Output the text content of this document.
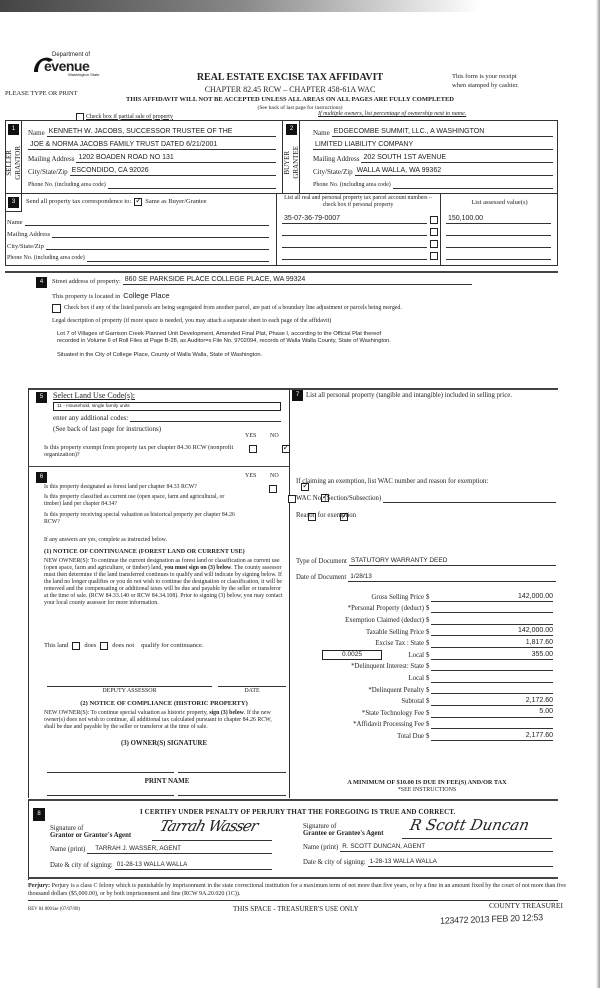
Department of
evenue
Washington State
PLEASE TYPE OR PRINT
REAL ESTATE EXCISE TAX AFFIDAVIT
CHAPTER 82.45 RCW – CHAPTER 458-61A WAC
This form is your receipt
when stamped by cashier.
THIS AFFIDAVIT WILL NOT BE ACCEPTED UNLESS ALL AREAS ON ALL PAGES ARE FULLY COMPLETED
(See back of last page for instructions)
Check box if partial sale of property	If multiple owners, list percentage of ownership next to name.
1
SELLER GRANTOR
Name KENNETH W. JACOBS, SUCCESSOR TRUSTEE OF THE
JOE & NORMA JACOBS FAMILY TRUST DATED 6/21/2001
Mailing Address 1202 BOADEN ROAD NO 131
City/State/Zip ESCONDIDO, CA 92026
Phone No. (including area code)
2
BUYER GRANTEE
Name EDGECOMBE SUMMIT, LLC., A WASHINGTON
LIMITED LIABILITY COMPANY
Mailing Address 202 SOUTH 1ST AVENUE
City/State/Zip WALLA WALLA, WA 99362
Phone No. (including area code)
3	Send all property tax correspondence to: ✓ Same as Buyer/Grantee
Name
Mailing Address
City/State/Zip
Phone No. (including area code)
List all real and personal property tax parcel account numbers – check box if personal property	List assessed value(s)
35-07-36-79-0007	150,100.00
4	Street address of property: 860 SE PARKSIDE PLACE COLLEGE PLACE, WA 99324
This property is located in College Place
Check box if any of the listed parcels are being segregated from another parcel, are part of a boundary line adjustment or parcels being merged.
Legal description of property (if more space is needed, you may attach a separate sheet to each page of the affidavit)
Lot 7 of Villages of Garrison Creek Planned Unit Development, Amended Final Plat, Phase I, according to the Official Plat thereof
recorded in Volume 6 of Roll Files at Page B-28, as Auditor=s File No. 9702094, records of Walla Walla County, State of Washington.
Situated in the City of College Place, County of Walla Walla, State of Washington.
5	Select Land Use Code(s):
11 - Household, single family units
enter any additional codes:
(See back of last page for instructions)
YES NO
Is this property exempt from property tax per chapter 84.36 RCW (nonprofit organization)?
✓
6	YES NO
Is this property designated as forest land per chapter 84.33 RCW?
✓
Is this property classified as current use (open space, farm and agricultural, or timber) land per chapter 84.34?
✓
Is this property receiving special valuation as historical property per chapter 84.26 RCW?
✓
If any answers are yes, complete as instructed below.
(1) NOTICE OF CONTINUANCE (FOREST LAND OR CURRENT USE)
NEW OWNER(S): To continue the current designation as forest land or classification as current use (open space, farm and agriculture, or timber) land, you must sign on (3) below. The county assessor must then determine if the land transferred continues to qualify and will indicate by signing below. If the land no longer qualifies or you do not wish to continue the designation or classification, it will be removed and the compensating or additional taxes will be due and payable by the seller or transferor at the time of sale. (RCW 84.33.140 or RCW 84.34.108). Prior to signing (3) below, you may contact your local county assessor for more information.
This land does does not qualify for continuance.
DEPUTY ASSESSOR	DATE
(2) NOTICE OF COMPLIANCE (HISTORIC PROPERTY)
NEW OWNER(S): To continue special valuation as historic property, sign (3) below. If the new owner(s) does not wish to continue, all additional tax calculated pursuant to chapter 84.26 RCW, shall be due and payable by the seller or transferor at the time of sale.
(3) OWNER(S) SIGNATURE
PRINT NAME
7	List all personal property (tangible and intangible) included in selling price.
If claiming an exemption, list WAC number and reason for exemption:
WAC No. (Section/Subsection)
Reason for exemption
Type of Document STATUTORY WARRANTY DEED
Date of Document 1/28/13
Gross Selling Price $	142,000.00
*Personal Property (deduct) $
Exemption Claimed (deduct) $
Taxable Selling Price $	142,000.00
Excise Tax : State $	1,817.60
0.0025	Local $	355.00
*Delinquent Interest: State $
Local $
*Delinquent Penalty $
Subtotal $	2,172.60
*State Technology Fee $	5.00
*Affidavit Processing Fee $
Total Due $	2,177.60
A MINIMUM OF $10.00 IS DUE IN FEE(S) AND/OR TAX
*SEE INSTRUCTIONS
8	I CERTIFY UNDER PENALTY OF PERJURY THAT THE FOREGOING IS TRUE AND CORRECT.
Signature of
Grantor or Grantor's Agent
Tarrah Wasser
Name (print)	TARRAH J. WASSER, AGENT
Date & city of signing: 01-28-13 WALLA WALLA
Signature of
Grantee or Grantee's Agent R Scott Duncan
Name (print) R. SCOTT DUNCAN, AGENT
Date & city of signing: 1-28-13 WALLA WALLA
Perjury: Perjury is a class C felony which is punishable by imprisonment in the state correctional institution for a maximum term of not more than five years, or by a fine in an amount fixed by the court of not more than five thousand dollars ($5,000.00), or by both imprisonment and fine (RCW 9A.20.020 (1C)).
REV 84 0001ae (07/07/09)	THIS SPACE - TREASURER'S USE ONLY	COUNTY TREASUREI
123472 2013 FEB 20 12:53
